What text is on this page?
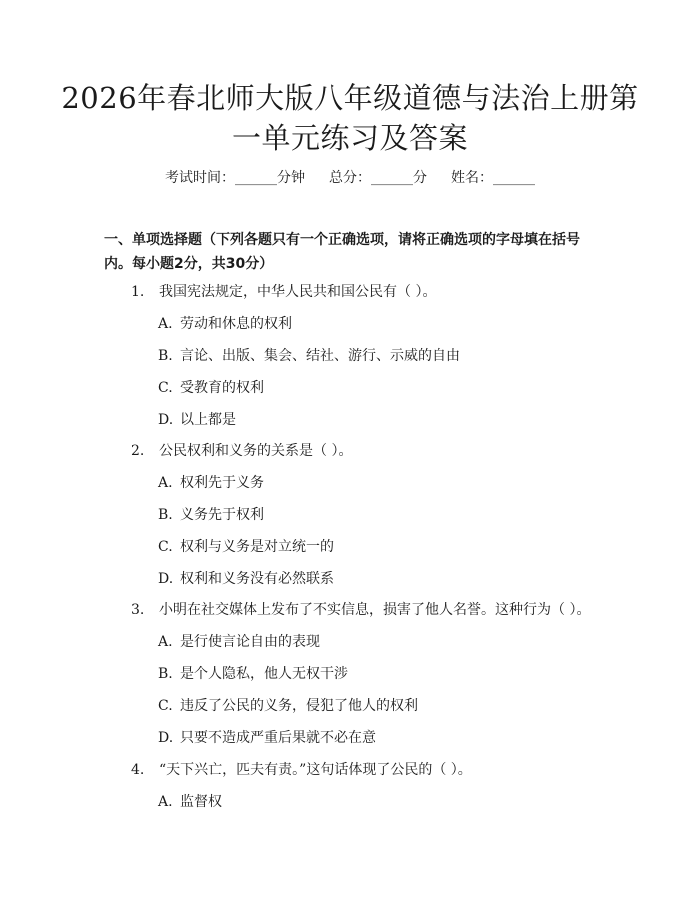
2026年春北师大版八年级道德与法治上册第
一单元练习及答案
考试时间：______分钟 总分：______分 姓名：______
一、单项选择题（下列各题只有一个正确选项，请将正确选项的字母填在括号内。每小题2分，共30分）
1. 我国宪法规定，中华人民共和国公民有（ ）。
A. 劳动和休息的权利
B. 言论、出版、集会、结社、游行、示威的自由
C. 受教育的权利
D. 以上都是
2. 公民权利和义务的关系是（ ）。
A. 权利先于义务
B. 义务先于权利
C. 权利与义务是对立统一的
D. 权利和义务没有必然联系
3. 小明在社交媒体上发布了不实信息，损害了他人名誉。这种行为（ ）。
A. 是行使言论自由的表现
B. 是个人隐私，他人无权干涉
C. 违反了公民的义务，侵犯了他人的权利
D. 只要不造成严重后果就不必在意
4. “天下兴亡，匹夫有责。”这句话体现了公民的（ ）。
A. 监督权
